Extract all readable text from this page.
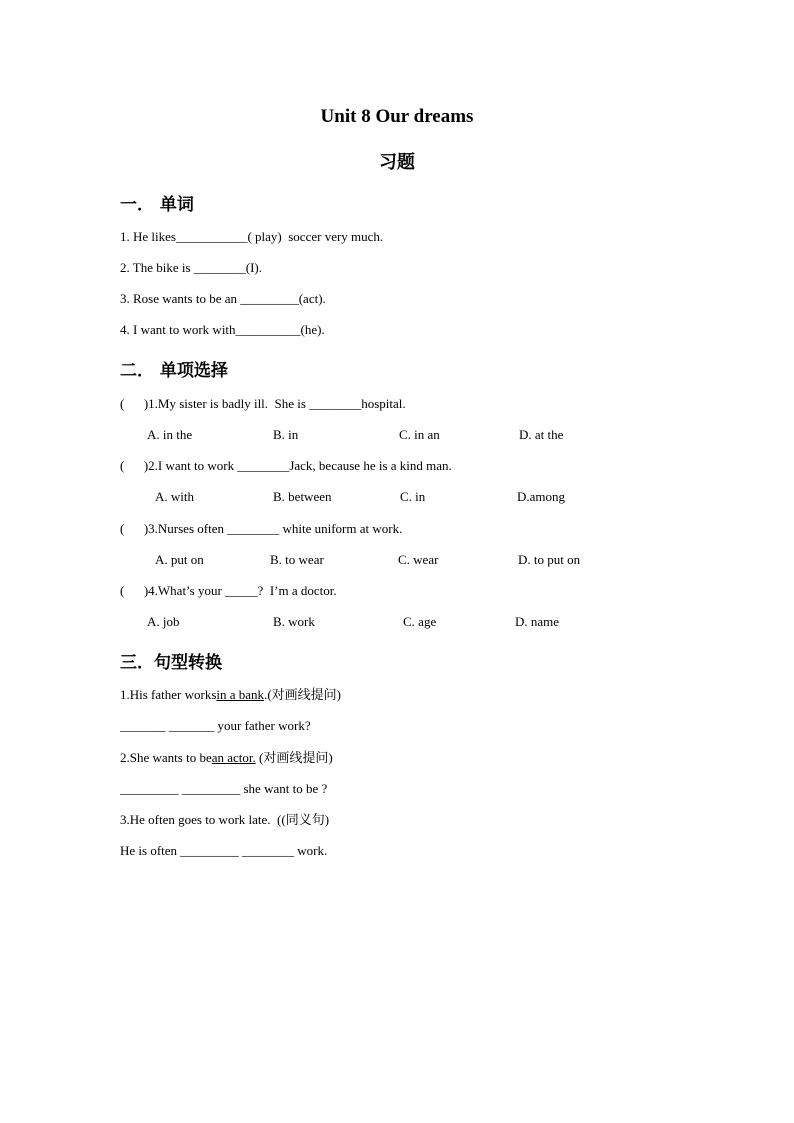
Unit 8 Our dreams
习题
一． 单词
1. He likes___________( play)  soccer very much.
2. The bike is ________(I).
3. Rose wants to be an _________(act).
4. I want to work with__________(he).
二． 单项选择
(      )1.My sister is badly ill.  She is ________hospital.
A. in the	B. in	C. in an	D. at the
(      )2.I want to work ________Jack, because he is a kind man.
A. with	B. between	C. in	D.among
(      )3.Nurses often ________ white uniform at work.
A. put on	B. to wear	C. wear	D. to put on
(      )4.What’s your _____?  I’m a doctor.
A. job	B. work	C. age	D. name
三．句型转换
1.His father worksin a bank.(对画线提问)
_______ _______ your father work?
2.She wants to bean actor. (对画线提问)
_________ _________ she want to be ?
3.He often goes to work late.  ((同义句)
He is often _________ ________ work.
